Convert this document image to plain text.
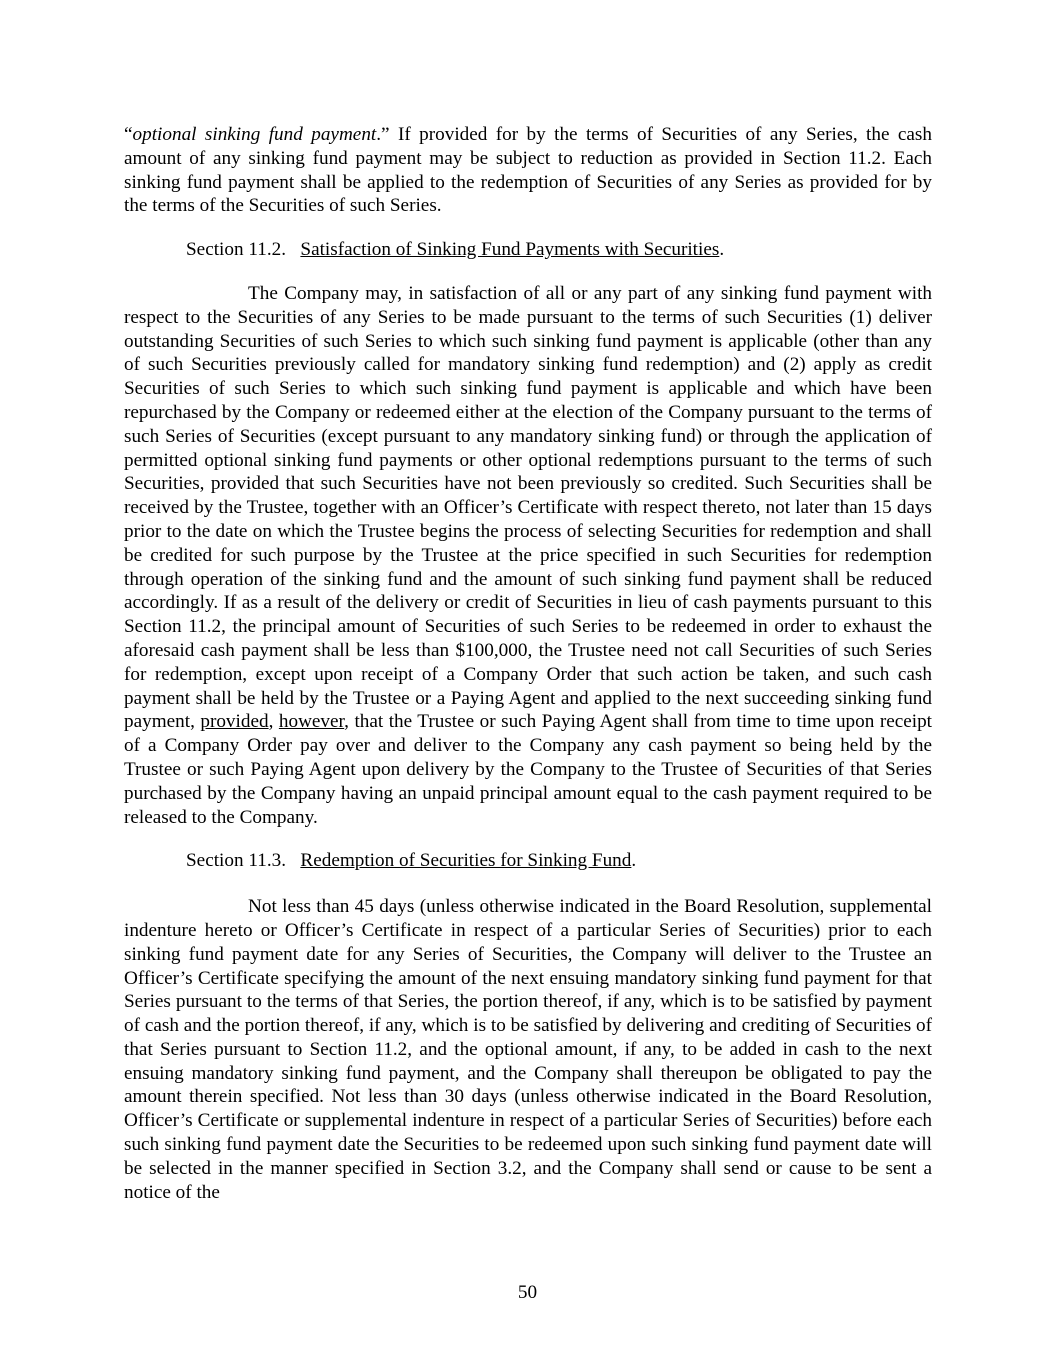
“optional sinking fund payment.” If provided for by the terms of Securities of any Series, the cash amount of any sinking fund payment may be subject to reduction as provided in Section 11.2. Each sinking fund payment shall be applied to the redemption of Securities of any Series as provided for by the terms of the Securities of such Series.

Section 11.2. Satisfaction of Sinking Fund Payments with Securities.

The Company may, in satisfaction of all or any part of any sinking fund payment with respect to the Securities of any Series to be made pursuant to the terms of such Securities (1) deliver outstanding Securities of such Series to which such sinking fund payment is applicable (other than any of such Securities previously called for mandatory sinking fund redemption) and (2) apply as credit Securities of such Series to which such sinking fund payment is applicable and which have been repurchased by the Company or redeemed either at the election of the Company pursuant to the terms of such Series of Securities (except pursuant to any mandatory sinking fund) or through the application of permitted optional sinking fund payments or other optional redemptions pursuant to the terms of such Securities, provided that such Securities have not been previously so credited. Such Securities shall be received by the Trustee, together with an Officer’s Certificate with respect thereto, not later than 15 days prior to the date on which the Trustee begins the process of selecting Securities for redemption and shall be credited for such purpose by the Trustee at the price specified in such Securities for redemption through operation of the sinking fund and the amount of such sinking fund payment shall be reduced accordingly. If as a result of the delivery or credit of Securities in lieu of cash payments pursuant to this Section 11.2, the principal amount of Securities of such Series to be redeemed in order to exhaust the aforesaid cash payment shall be less than $100,000, the Trustee need not call Securities of such Series for redemption, except upon receipt of a Company Order that such action be taken, and such cash payment shall be held by the Trustee or a Paying Agent and applied to the next succeeding sinking fund payment, provided, however, that the Trustee or such Paying Agent shall from time to time upon receipt of a Company Order pay over and deliver to the Company any cash payment so being held by the Trustee or such Paying Agent upon delivery by the Company to the Trustee of Securities of that Series purchased by the Company having an unpaid principal amount equal to the cash payment required to be released to the Company.

Section 11.3. Redemption of Securities for Sinking Fund.

Not less than 45 days (unless otherwise indicated in the Board Resolution, supplemental indenture hereto or Officer’s Certificate in respect of a particular Series of Securities) prior to each sinking fund payment date for any Series of Securities, the Company will deliver to the Trustee an Officer’s Certificate specifying the amount of the next ensuing mandatory sinking fund payment for that Series pursuant to the terms of that Series, the portion thereof, if any, which is to be satisfied by payment of cash and the portion thereof, if any, which is to be satisfied by delivering and crediting of Securities of that Series pursuant to Section 11.2, and the optional amount, if any, to be added in cash to the next ensuing mandatory sinking fund payment, and the Company shall thereupon be obligated to pay the amount therein specified. Not less than 30 days (unless otherwise indicated in the Board Resolution, Officer’s Certificate or supplemental indenture in respect of a particular Series of Securities) before each such sinking fund payment date the Securities to be redeemed upon such sinking fund payment date will be selected in the manner specified in Section 3.2, and the Company shall send or cause to be sent a notice of the

50
